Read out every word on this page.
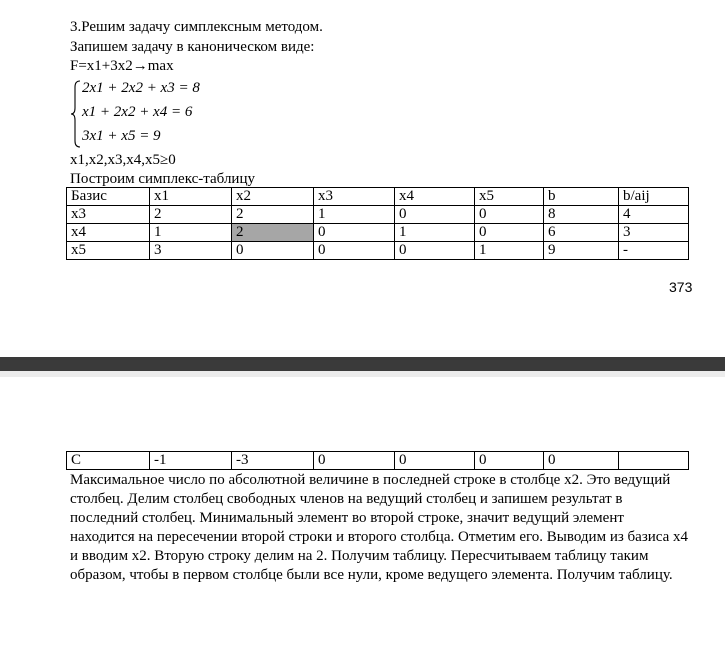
3.Решим задачу симплексным методом.
Запишем задачу в каноническом виде:
F=x1+3x2→max
2x1 + 2x2 + x3 = 8
x1 + 2x2 + x4 = 6
3x1 + x5 = 9
x1,x2,x3,x4,x5≥0
Построим симплекс-таблицу
Базис	x1	x2	x3	x4	x5	b	b/aij
x3	2	2	1	0	0	8	4
x4	1	2	0	1	0	6	3
x5	3	0	0	0	1	9	-
373
C	-1	-3	0	0	0	0	
Максимальное число по абсолютной величине в последней строке в столбце x2. Это ведущий столбец. Делим столбец свободных членов на ведущий столбец и запишем результат в последний столбец. Минимальный элемент во второй строке, значит ведущий элемент находится на пересечении второй строки и второго столбца. Отметим его. Выводим из базиса x4 и вводим x2. Вторую строку делим на 2. Получим таблицу. Пересчитываем таблицу таким образом, чтобы в первом столбце были все нули, кроме ведущего элемента. Получим таблицу.
